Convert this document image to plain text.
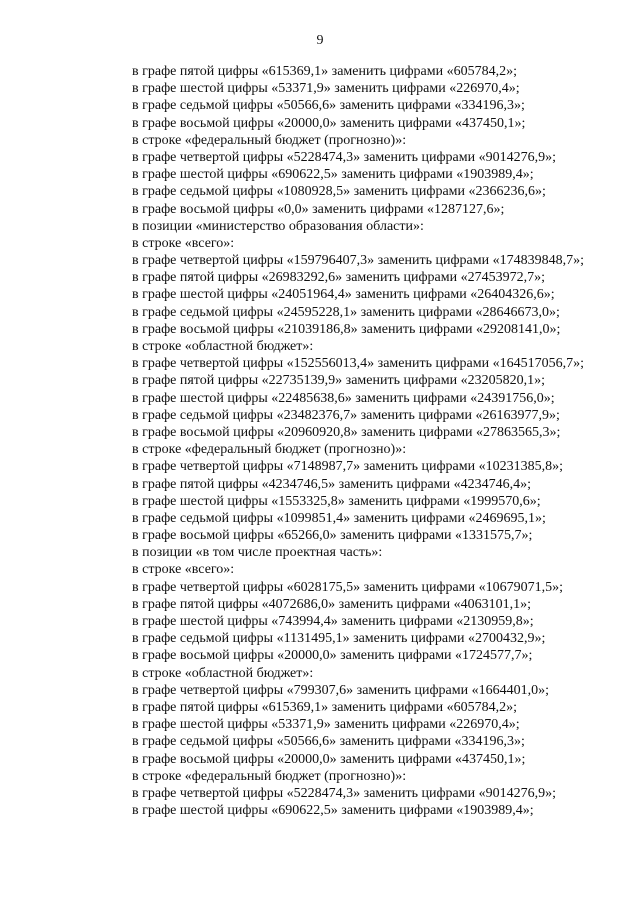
9
в графе пятой цифры «615369,1» заменить цифрами «605784,2»;
в графе шестой цифры «53371,9» заменить цифрами «226970,4»;
в графе седьмой цифры «50566,6» заменить цифрами «334196,3»;
в графе восьмой цифры «20000,0» заменить цифрами «437450,1»;
в строке «федеральный бюджет (прогнозно)»:
в графе четвертой цифры «5228474,3» заменить цифрами «9014276,9»;
в графе шестой цифры «690622,5» заменить цифрами «1903989,4»;
в графе седьмой цифры «1080928,5» заменить цифрами «2366236,6»;
в графе восьмой цифры «0,0» заменить цифрами «1287127,6»;
в позиции «министерство образования области»:
в строке «всего»:
в графе четвертой цифры «159796407,3» заменить цифрами «174839848,7»;
в графе пятой цифры «26983292,6» заменить цифрами «27453972,7»;
в графе шестой цифры «24051964,4» заменить цифрами «26404326,6»;
в графе седьмой цифры «24595228,1» заменить цифрами «28646673,0»;
в графе восьмой цифры «21039186,8» заменить цифрами «29208141,0»;
в строке «областной бюджет»:
в графе четвертой цифры «152556013,4» заменить цифрами «164517056,7»;
в графе пятой цифры «22735139,9» заменить цифрами «23205820,1»;
в графе шестой цифры «22485638,6» заменить цифрами «24391756,0»;
в графе седьмой цифры «23482376,7» заменить цифрами «26163977,9»;
в графе восьмой цифры «20960920,8» заменить цифрами «27863565,3»;
в строке «федеральный бюджет (прогнозно)»:
в графе четвертой цифры «7148987,7» заменить цифрами «10231385,8»;
в графе пятой цифры «4234746,5» заменить цифрами «4234746,4»;
в графе шестой цифры «1553325,8» заменить цифрами «1999570,6»;
в графе седьмой цифры «1099851,4» заменить цифрами «2469695,1»;
в графе восьмой цифры «65266,0» заменить цифрами «1331575,7»;
в позиции «в том числе проектная часть»:
в строке «всего»:
в графе четвертой цифры «6028175,5» заменить цифрами «10679071,5»;
в графе пятой цифры «4072686,0» заменить цифрами «4063101,1»;
в графе шестой цифры «743994,4» заменить цифрами «2130959,8»;
в графе седьмой цифры «1131495,1» заменить цифрами «2700432,9»;
в графе восьмой цифры «20000,0» заменить цифрами «1724577,7»;
в строке «областной бюджет»:
в графе четвертой цифры «799307,6» заменить цифрами «1664401,0»;
в графе пятой цифры «615369,1» заменить цифрами «605784,2»;
в графе шестой цифры «53371,9» заменить цифрами «226970,4»;
в графе седьмой цифры «50566,6» заменить цифрами «334196,3»;
в графе восьмой цифры «20000,0» заменить цифрами «437450,1»;
в строке «федеральный бюджет (прогнозно)»:
в графе четвертой цифры «5228474,3» заменить цифрами «9014276,9»;
в графе шестой цифры «690622,5» заменить цифрами «1903989,4»;
